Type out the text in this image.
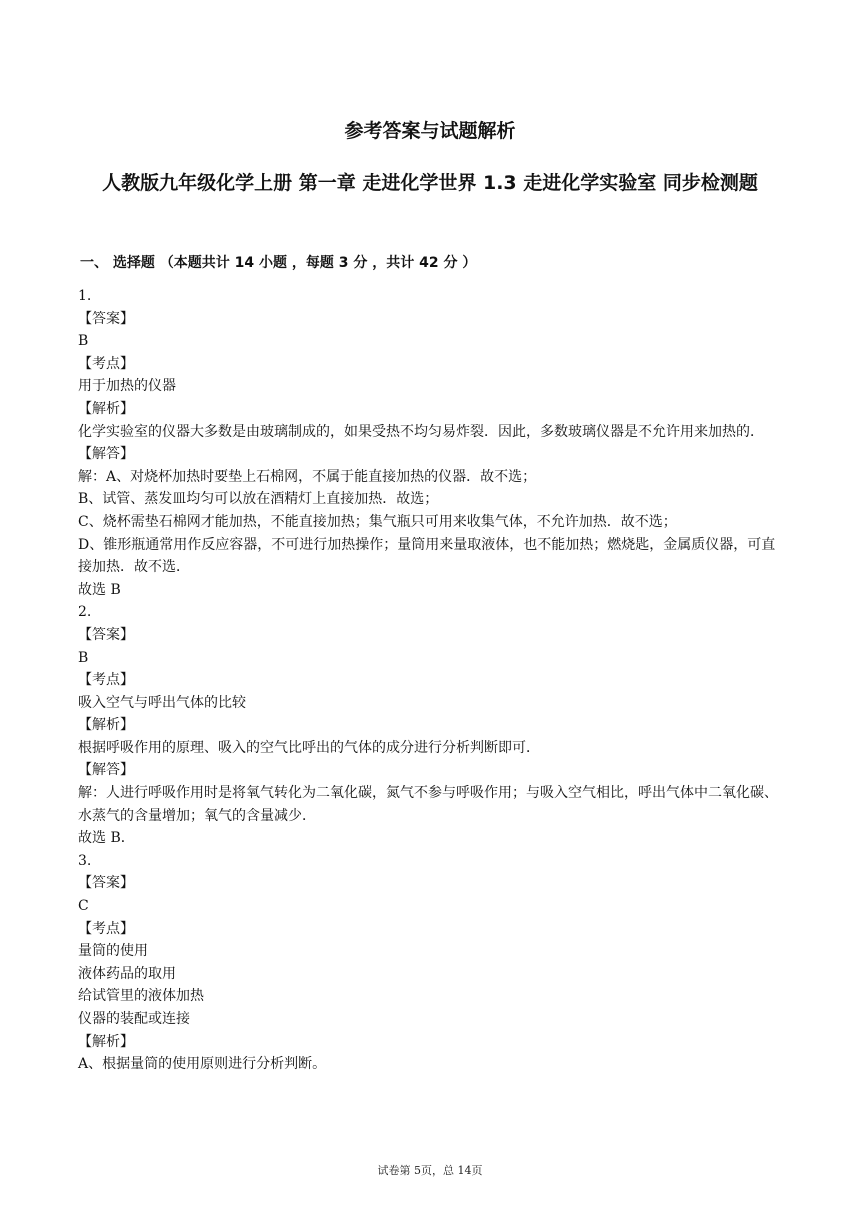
参考答案与试题解析
人教版九年级化学上册 第一章 走进化学世界 1.3 走进化学实验室 同步检测题
一、 选择题 （本题共计 14 小题 ，每题 3 分 ，共计 42 分 ）
1.
【答案】
B
【考点】
用于加热的仪器
【解析】
化学实验室的仪器大多数是由玻璃制成的，如果受热不均匀易炸裂．因此，多数玻璃仪器是不允许用来加热的．
【解答】
解：A、对烧杯加热时要垫上石棉网，不属于能直接加热的仪器．故不选；
B、试管、蒸发皿均匀可以放在酒精灯上直接加热．故选；
C、烧杯需垫石棉网才能加热，不能直接加热；集气瓶只可用来收集气体，不允许加热．故不选；
D、锥形瓶通常用作反应容器，不可进行加热操作；量筒用来量取液体，也不能加热；燃烧匙，金属质仪器，可直接加热．故不选．
故选 B
2.
【答案】
B
【考点】
吸入空气与呼出气体的比较
【解析】
根据呼吸作用的原理、吸入的空气比呼出的气体的成分进行分析判断即可．
【解答】
解：人进行呼吸作用时是将氧气转化为二氧化碳，氮气不参与呼吸作用；与吸入空气相比，呼出气体中二氧化碳、水蒸气的含量增加；氧气的含量减少．
故选 B．
3.
【答案】
C
【考点】
量筒的使用
液体药品的取用
给试管里的液体加热
仪器的装配或连接
【解析】
A、根据量筒的使用原则进行分析判断。
试卷第 5页，总 14页
